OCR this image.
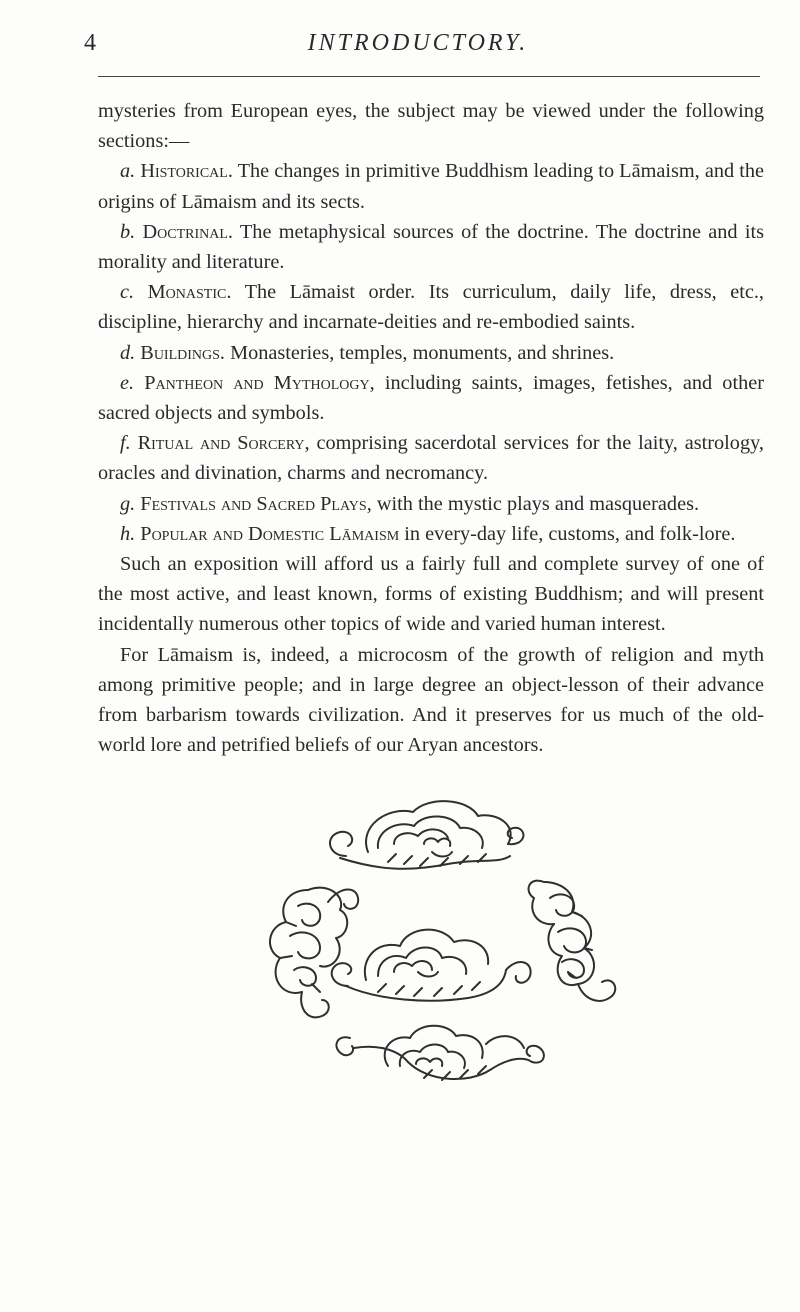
4	INTRODUCTORY.

mysteries from European eyes, the subject may be viewed under the following sections:—

a. Historical. The changes in primitive Buddhism leading to Lāmaism, and the origins of Lāmaism and its sects.

b. Doctrinal. The metaphysical sources of the doctrine. The doctrine and its morality and literature.

c. Monastic. The Lāmaist order. Its curriculum, daily life, dress, etc., discipline, hierarchy and incarnate-deities and re-embodied saints.

d. Buildings. Monasteries, temples, monuments, and shrines.

e. Pantheon and Mythology, including saints, images, fetishes, and other sacred objects and symbols.

f. Ritual and Sorcery, comprising sacerdotal services for the laity, astrology, oracles and divination, charms and necromancy.

g. Festivals and Sacred Plays, with the mystic plays and masquerades.

h. Popular and Domestic Lāmaism in every-day life, customs, and folk-lore.

Such an exposition will afford us a fairly full and complete survey of one of the most active, and least known, forms of existing Buddhism; and will present incidentally numerous other topics of wide and varied human interest.

For Lāmaism is, indeed, a microcosm of the growth of religion and myth among primitive people; and in large degree an object-lesson of their advance from barbarism towards civilization. And it preserves for us much of the old-world lore and petrified beliefs of our Aryan ancestors.
